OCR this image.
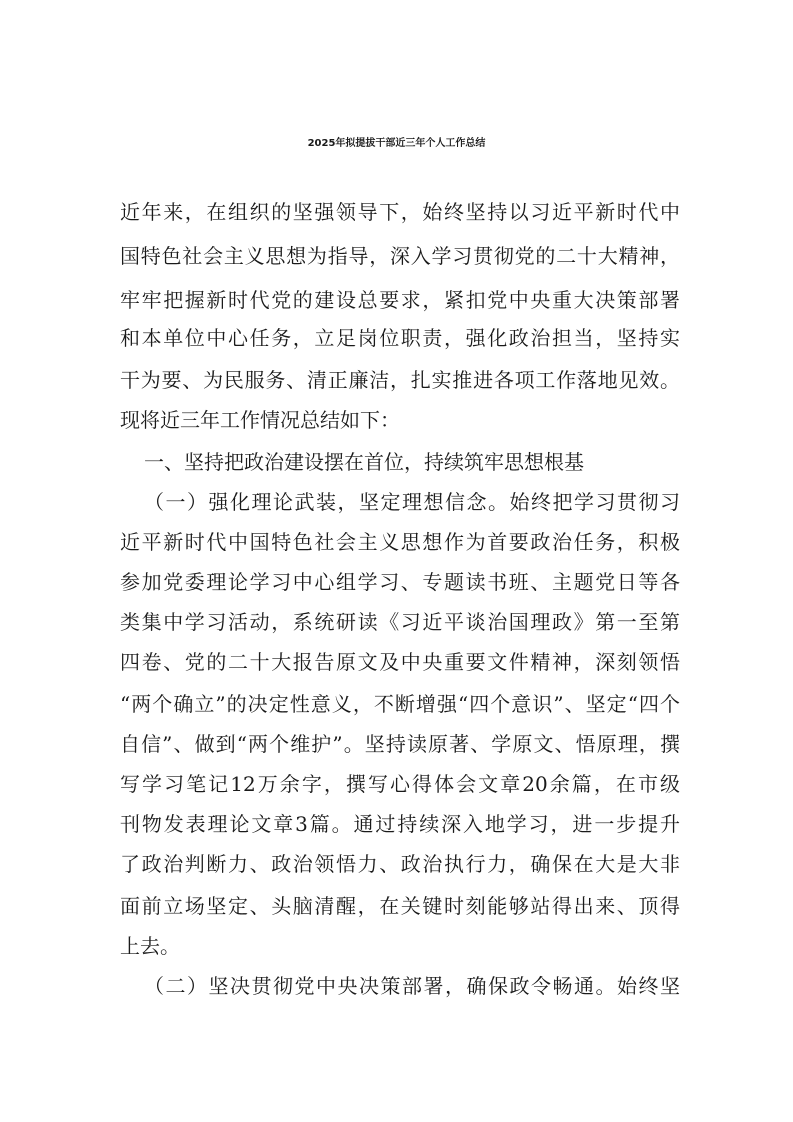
2025年拟提拔干部近三年个人工作总结

近年来，在组织的坚强领导下，始终坚持以习近平新时代中

国特色社会主义思想为指导，深入学习贯彻党的二十大精神，

牢牢把握新时代党的建设总要求，紧扣党中央重大决策部署

和本单位中心任务，立足岗位职责，强化政治担当，坚持实

干为要、为民服务、清正廉洁，扎实推进各项工作落地见效。

现将近三年工作情况总结如下：

一、坚持把政治建设摆在首位，持续筑牢思想根基

（一）强化理论武装，坚定理想信念。始终把学习贯彻习

近平新时代中国特色社会主义思想作为首要政治任务，积极

参加党委理论学习中心组学习、专题读书班、主题党日等各

类集中学习活动，系统研读《习近平谈治国理政》第一至第

四卷、党的二十大报告原文及中央重要文件精神，深刻领悟

“两个确立”的决定性意义，不断增强“四个意识”、坚定“四个

自信”、做到“两个维护”。坚持读原著、学原文、悟原理，撰

写学习笔记12万余字，撰写心得体会文章20余篇，在市级

刊物发表理论文章3篇。通过持续深入地学习，进一步提升

了政治判断力、政治领悟力、政治执行力，确保在大是大非

面前立场坚定、头脑清醒，在关键时刻能够站得出来、顶得

上去。

（二）坚决贯彻党中央决策部署，确保政令畅通。始终坚
